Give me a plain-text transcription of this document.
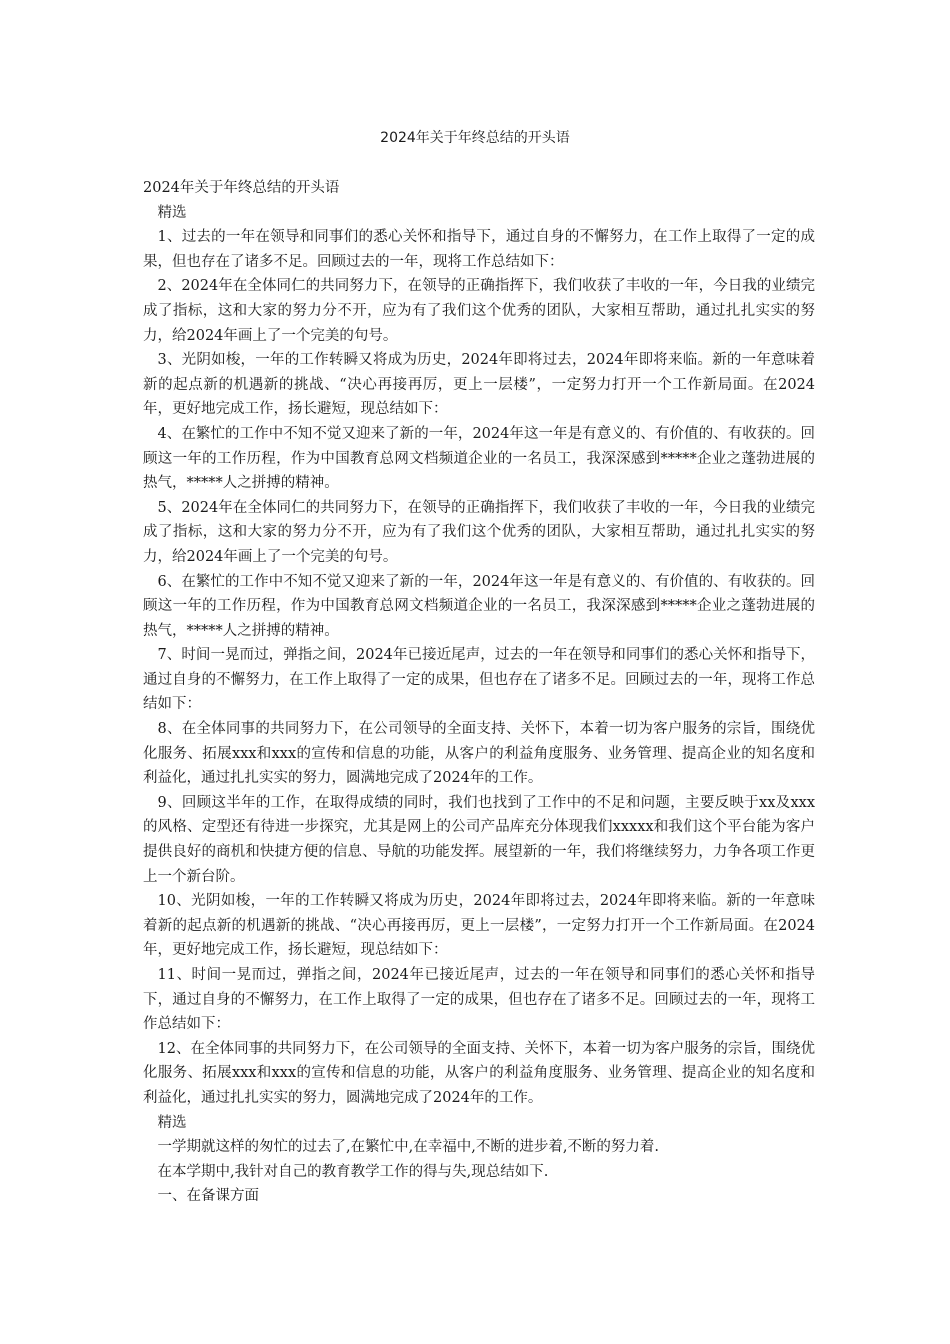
2024年关于年终总结的开头语

2024年关于年终总结的开头语

精选

1、过去的一年在领导和同事们的悉心关怀和指导下，通过自身的不懈努力，在工作上取得了一定的成果，但也存在了诸多不足。回顾过去的一年，现将工作总结如下：

2、2024年在全体同仁的共同努力下，在领导的正确指挥下，我们收获了丰收的一年，今日我的业绩完成了指标，这和大家的努力分不开，应为有了我们这个优秀的团队，大家相互帮助，通过扎扎实实的努力，给2024年画上了一个完美的句号。

3、光阴如梭，一年的工作转瞬又将成为历史，2024年即将过去，2024年即将来临。新的一年意味着新的起点新的机遇新的挑战、“决心再接再厉，更上一层楼”，一定努力打开一个工作新局面。在2024年，更好地完成工作，扬长避短，现总结如下：

4、在繁忙的工作中不知不觉又迎来了新的一年，2024年这一年是有意义的、有价值的、有收获的。回顾这一年的工作历程，作为中国教育总网文档频道企业的一名员工，我深深感到*****企业之蓬勃进展的热气，*****人之拼搏的精神。

5、2024年在全体同仁的共同努力下，在领导的正确指挥下，我们收获了丰收的一年，今日我的业绩完成了指标，这和大家的努力分不开，应为有了我们这个优秀的团队，大家相互帮助，通过扎扎实实的努力，给2024年画上了一个完美的句号。

6、在繁忙的工作中不知不觉又迎来了新的一年，2024年这一年是有意义的、有价值的、有收获的。回顾这一年的工作历程，作为中国教育总网文档频道企业的一名员工，我深深感到*****企业之蓬勃进展的热气，*****人之拼搏的精神。

7、时间一晃而过，弹指之间，2024年已接近尾声，过去的一年在领导和同事们的悉心关怀和指导下，通过自身的不懈努力，在工作上取得了一定的成果，但也存在了诸多不足。回顾过去的一年，现将工作总结如下：

8、在全体同事的共同努力下，在公司领导的全面支持、关怀下，本着一切为客户服务的宗旨，围绕优化服务、拓展xxx和xxx的宣传和信息的功能，从客户的利益角度服务、业务管理、提高企业的知名度和利益化，通过扎扎实实的努力，圆满地完成了2024年的工作。

9、回顾这半年的工作，在取得成绩的同时，我们也找到了工作中的不足和问题，主要反映于xx及xxx的风格、定型还有待进一步探究，尤其是网上的公司产品库充分体现我们xxxxx和我们这个平台能为客户提供良好的商机和快捷方便的信息、导航的功能发挥。展望新的一年，我们将继续努力，力争各项工作更上一个新台阶。

10、光阴如梭，一年的工作转瞬又将成为历史，2024年即将过去，2024年即将来临。新的一年意味着新的起点新的机遇新的挑战、“决心再接再厉，更上一层楼”，一定努力打开一个工作新局面。在2024年，更好地完成工作，扬长避短，现总结如下：

11、时间一晃而过，弹指之间，2024年已接近尾声，过去的一年在领导和同事们的悉心关怀和指导下，通过自身的不懈努力，在工作上取得了一定的成果，但也存在了诸多不足。回顾过去的一年，现将工作总结如下：

12、在全体同事的共同努力下，在公司领导的全面支持、关怀下，本着一切为客户服务的宗旨，围绕优化服务、拓展xxx和xxx的宣传和信息的功能，从客户的利益角度服务、业务管理、提高企业的知名度和利益化，通过扎扎实实的努力，圆满地完成了2024年的工作。

精选

一学期就这样的匆忙的过去了,在繁忙中,在幸福中,不断的进步着,不断的努力着.

在本学期中,我针对自己的教育教学工作的得与失,现总结如下.

一、在备课方面
